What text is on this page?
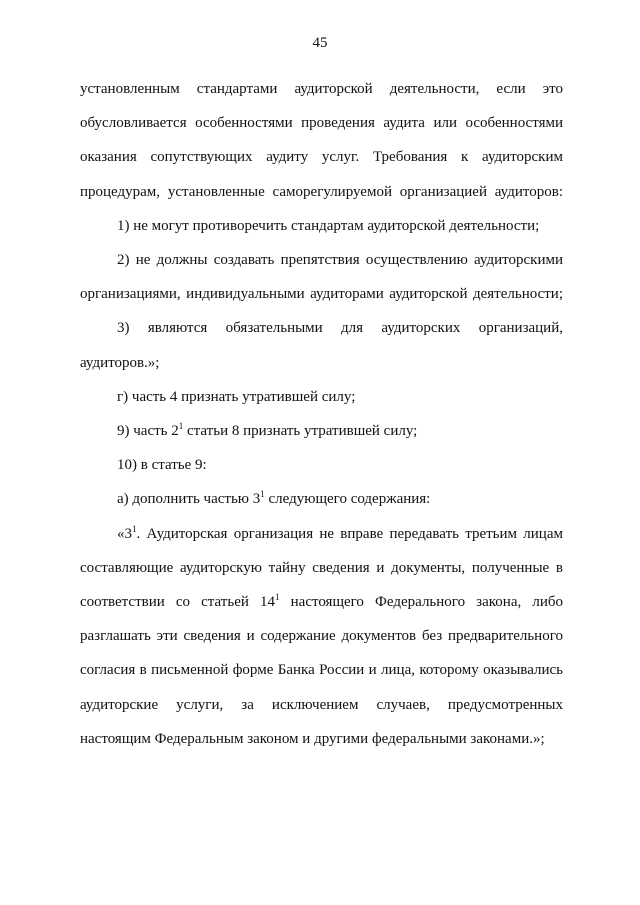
45

установленным стандартами аудиторской деятельности, если это
обусловливается особенностями проведения аудита или особенностями
оказания сопутствующих аудиту услуг. Требования к аудиторским
процедурам, установленные саморегулируемой организацией аудиторов:

1) не могут противоречить стандартам аудиторской деятельности;

2) не должны создавать препятствия осуществлению аудиторскими
организациями, индивидуальными аудиторами аудиторской деятельности;

3) являются обязательными для аудиторских организаций,
аудиторов.»;

г) часть 4 признать утратившей силу;

9) часть $2^1$ статьи 8 признать утратившей силу;

10) в статье 9:

а) дополнить частью $3^1$ следующего содержания:

«$3^1$. Аудиторская организация не вправе передавать третьим лицам
составляющие аудиторскую тайну сведения и документы, полученные в
соответствии со статьей $14^1$ настоящего Федерального закона, либо
разглашать эти сведения и содержание документов без предварительного
согласия в письменной форме Банка России и лица, которому оказывались
аудиторские услуги, за исключением случаев, предусмотренных
настоящим Федеральным законом и другими федеральными законами.»;
